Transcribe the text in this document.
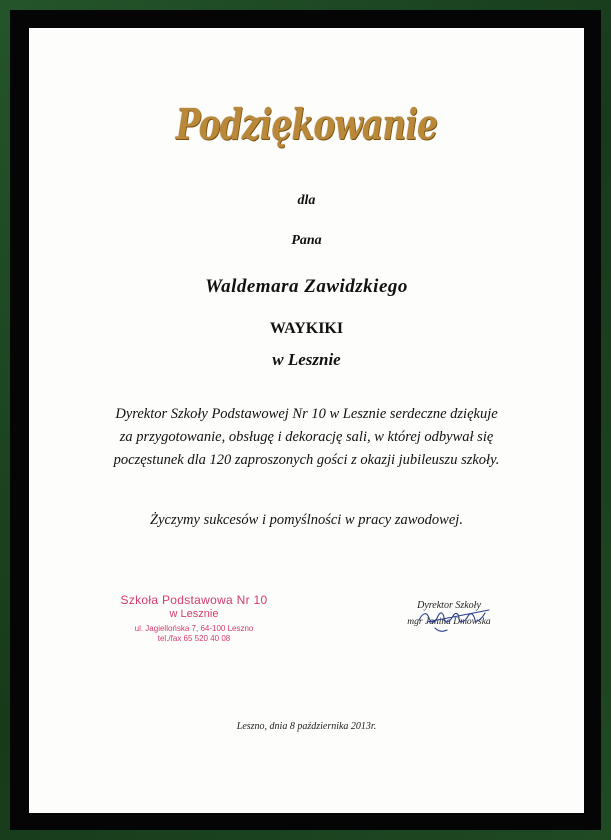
Podziękowanie
dla
Pana
Waldemara Zawidzkiego
WAYKIKI
w Lesznie
Dyrektor Szkoły Podstawowej Nr 10 w Lesznie serdeczne dziękuje
za przygotowanie, obsługę i dekorację sali, w której odbywał się
poczęstunek dla 120 zaproszonych gości z okazji jubileuszu szkoły.
Życzymy sukcesów i pomyślności w pracy zawodowej.
Szkoła Podstawowa Nr 10
w Lesznie
ul. Jagiellońska 7, 64-100 Leszno
tel./fax 65 520 40 08
Dyrektor Szkoły
mgr Janina Dmowska
Leszno, dnia 8 października 2013r.
